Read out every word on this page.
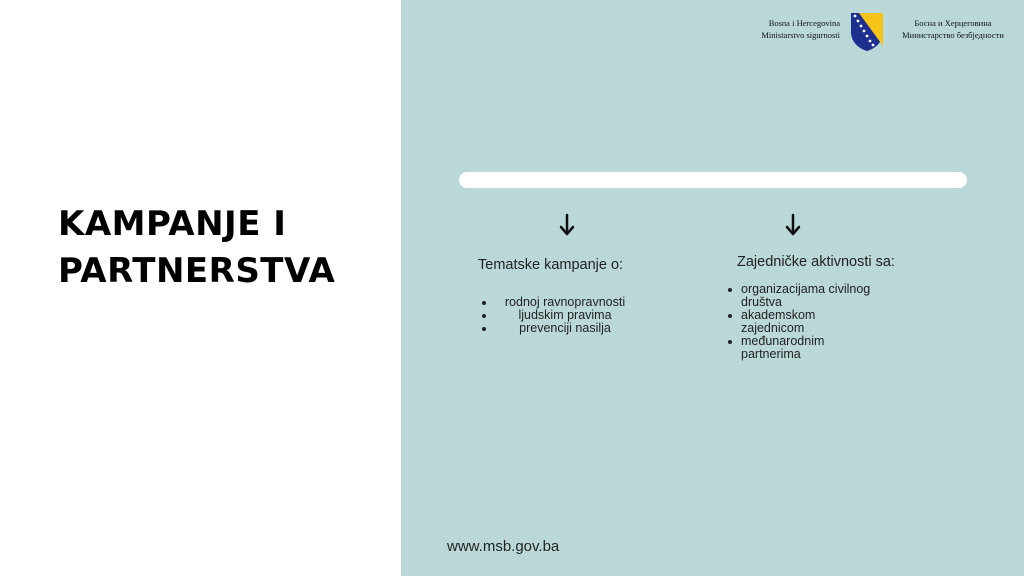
KAMPANJE I
PARTNERSTVA
Bosna i Hercegovina
Ministarstvo sigurnosti
Босна и Херцеговина
Министарство безбједности
Tematske kampanje o:
rodnoj ravnopravnosti
ljudskim pravima
prevenciji nasilja
Zajedničke aktivnosti sa:
organizacijama civilnog
društva
akademskom
zajednicom
međunarodnim
partnerima
www.msb.gov.ba
